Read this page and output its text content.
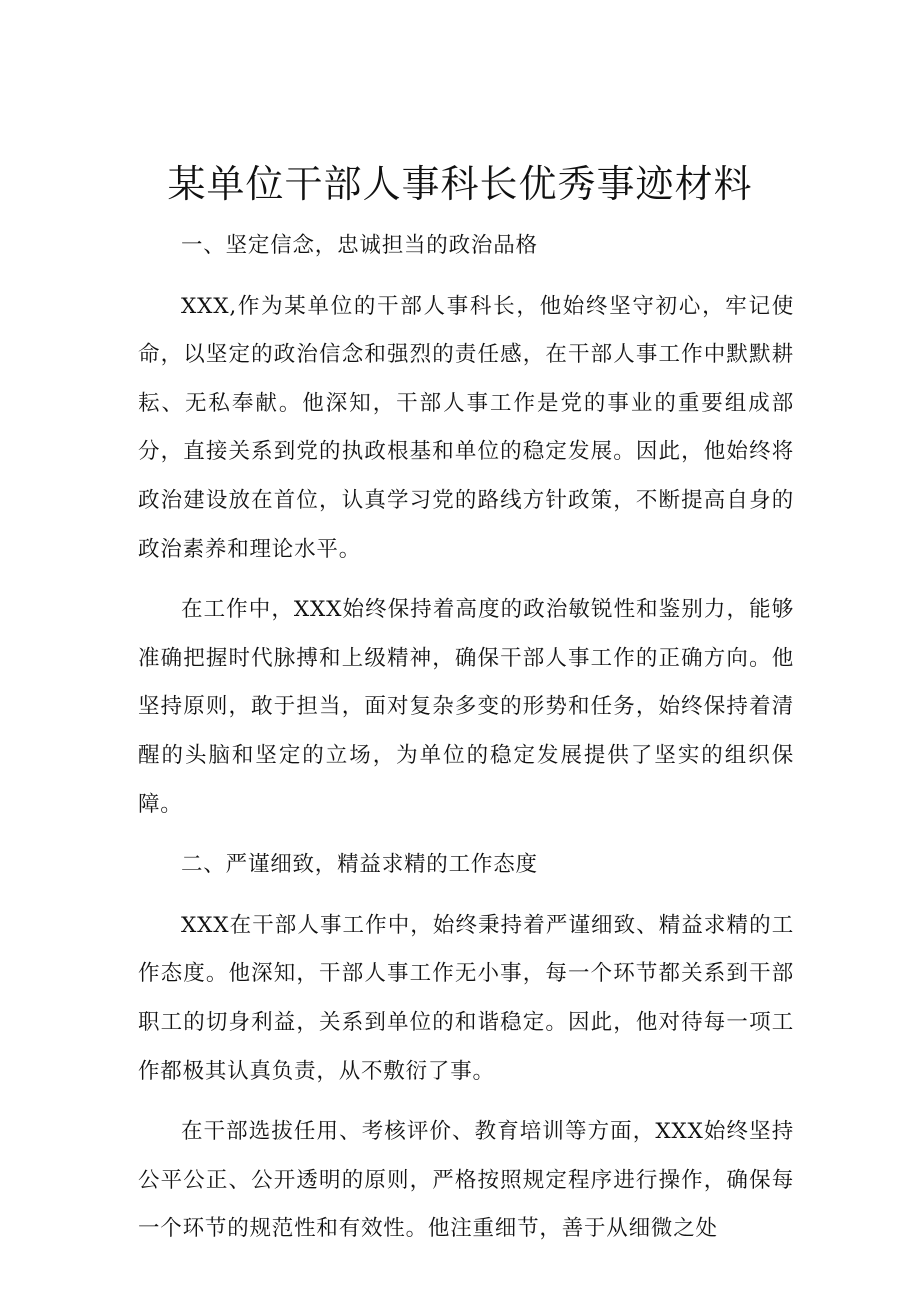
某单位干部人事科长优秀事迹材料

一、坚定信念，忠诚担当的政治品格

XXX,作为某单位的干部人事科长，他始终坚守初心，牢记使命，以坚定的政治信念和强烈的责任感，在干部人事工作中默默耕耘、无私奉献。他深知，干部人事工作是党的事业的重要组成部分，直接关系到党的执政根基和单位的稳定发展。因此，他始终将政治建设放在首位，认真学习党的路线方针政策，不断提高自身的政治素养和理论水平。

在工作中，XXX始终保持着高度的政治敏锐性和鉴别力，能够准确把握时代脉搏和上级精神，确保干部人事工作的正确方向。他坚持原则，敢于担当，面对复杂多变的形势和任务，始终保持着清醒的头脑和坚定的立场，为单位的稳定发展提供了坚实的组织保障。

二、严谨细致，精益求精的工作态度

XXX在干部人事工作中，始终秉持着严谨细致、精益求精的工作态度。他深知，干部人事工作无小事，每一个环节都关系到干部职工的切身利益，关系到单位的和谐稳定。因此，他对待每一项工作都极其认真负责，从不敷衍了事。

在干部选拔任用、考核评价、教育培训等方面，XXX始终坚持公平公正、公开透明的原则，严格按照规定程序进行操作，确保每一个环节的规范性和有效性。他注重细节，善于从细微之处
